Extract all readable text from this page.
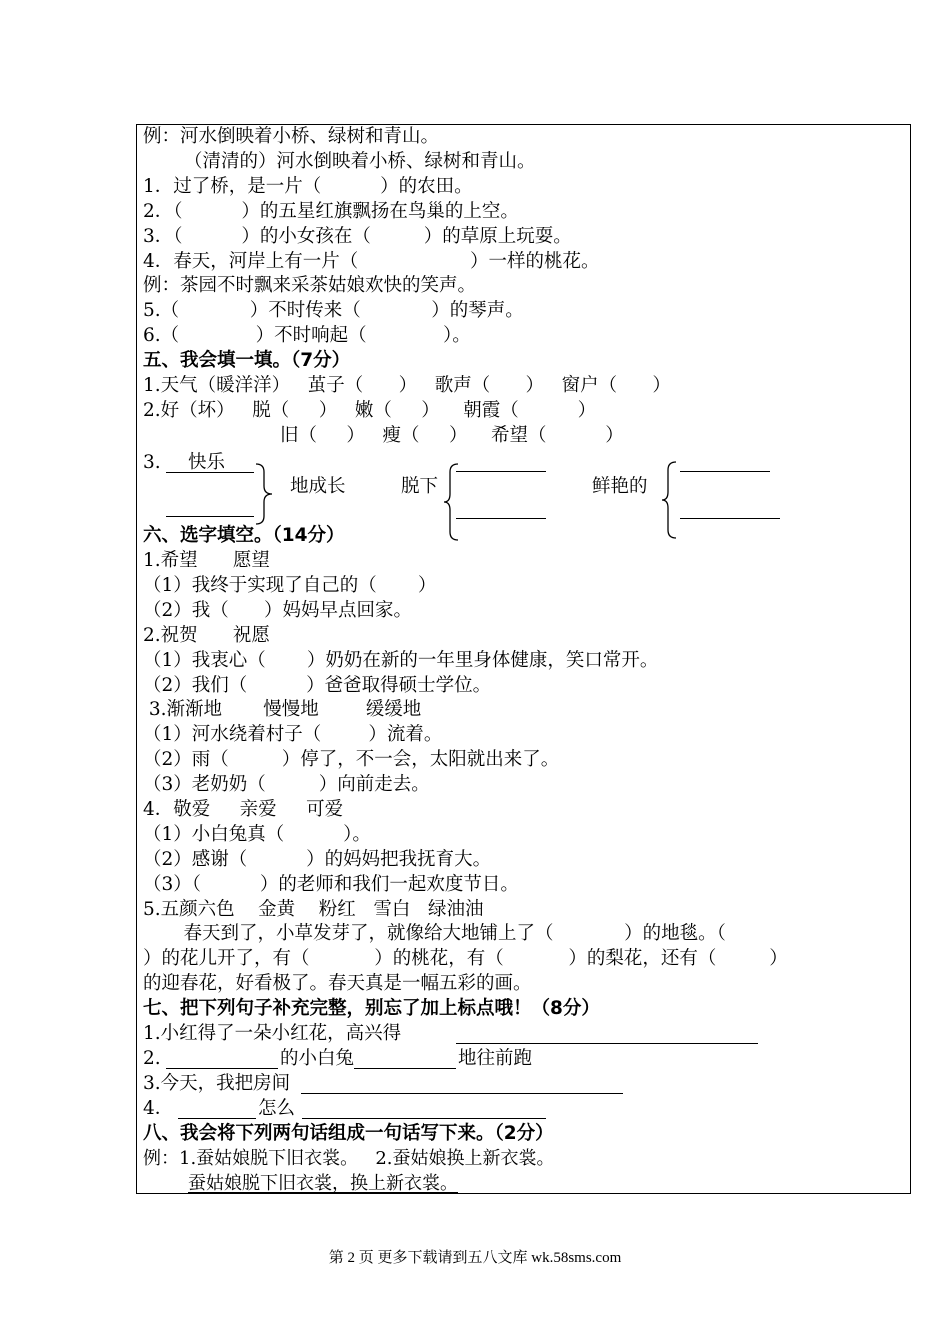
例：河水倒映着小桥、绿树和青山。
（清清的）河水倒映着小桥、绿树和青山。
1．过了桥，是一片（          ）的农田。
2．（          ）的五星红旗飘扬在鸟巢的上空。
3．（          ）的小女孩在（         ）的草原上玩耍。
4．春天，河岸上有一片（                   ）一样的桃花。
例：茶园不时飘来采茶姑娘欢快的笑声。
5.（            ）不时传来（            ）的琴声。
6.（             ）不时响起（             ）。
五、我会填一填。（7分）
1.天气（暖洋洋）   茧子（      ）   歌声（      ）   窗户（      ）
2.好（坏）   脱（     ）   嫩（     ）    朝霞（          ）
旧（     ）   瘦（     ）    希望（          ）
3. 快乐
地成长	脱下	鲜艳的
六、选字填空。（14分）
1.希望      愿望
（1）我终于实现了自己的（       ）
（2）我（      ）妈妈早点回家。
2.祝贺      祝愿
（1）我衷心（       ）奶奶在新的一年里身体健康，笑口常开。
（2）我们（          ）爸爸取得硕士学位。
3.渐渐地       慢慢地        缓缓地
（1）河水绕着村子（        ）流着。
（2）雨（         ）停了，不一会，太阳就出来了。
（3）老奶奶（         ）向前走去。
4．敬爱     亲爱     可爱
（1）小白兔真（          ）。
（2）感谢（          ）的妈妈把我抚育大。
（3）（          ）的老师和我们一起欢度节日。
5.五颜六色    金黄    粉红   雪白   绿油油
春天到了，小草发芽了，就像给大地铺上了（            ）的地毯。（
）的花儿开了，有（           ）的桃花，有（           ）的梨花，还有（         ）
的迎春花，好看极了。春天真是一幅五彩的画。
七、把下列句子补充完整，别忘了加上标点哦！（8分）
1.小红得了一朵小红花，高兴得
2.	的小白兔	地往前跑
3.今天，我把房间
4．	怎么
八、我会将下列两句话组成一句话写下来。（2分）
例：1.蚕姑娘脱下旧衣裳。   2.蚕姑娘换上新衣裳。
蚕姑娘脱下旧衣裳，换上新衣裳。
第 2 页 更多下载请到五八文库 wk.58sms.com
